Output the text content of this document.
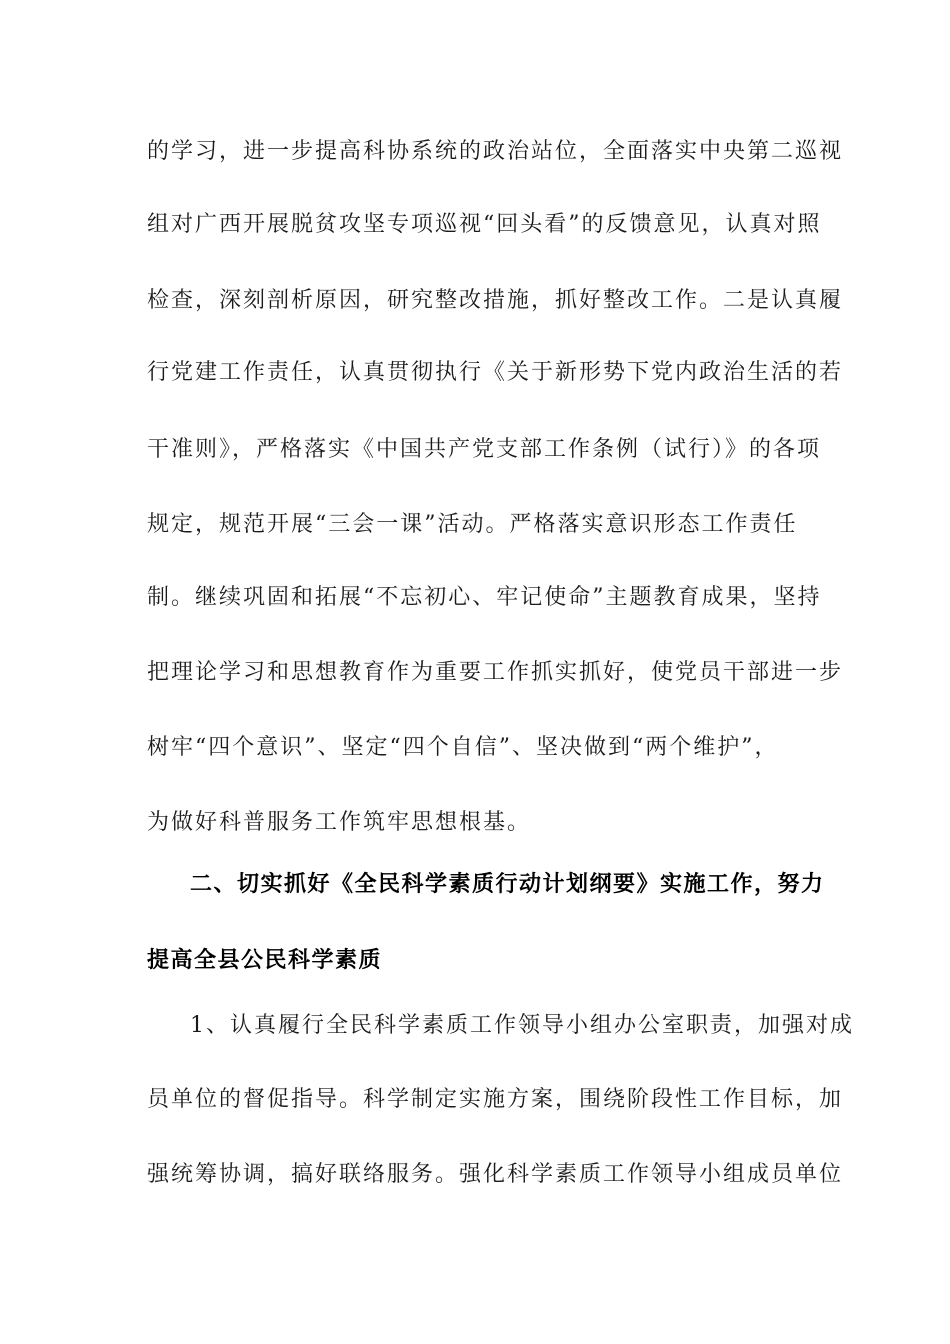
的学习，进一步提高科协系统的政治站位，全面落实中央第二巡视
组对广西开展脱贫攻坚专项巡视“回头看”的反馈意见，认真对照
检查，深刻剖析原因，研究整改措施，抓好整改工作。二是认真履
行党建工作责任，认真贯彻执行《关于新形势下党内政治生活的若
干准则》，严格落实《中国共产党支部工作条例（试行）》的各项
规定，规范开展“三会一课”活动。严格落实意识形态工作责任
制。继续巩固和拓展“不忘初心、牢记使命”主题教育成果，坚持
把理论学习和思想教育作为重要工作抓实抓好，使党员干部进一步
树牢“四个意识”、坚定“四个自信”、坚决做到“两个维护”，
为做好科普服务工作筑牢思想根基。
二、切实抓好《全民科学素质行动计划纲要》实施工作，努力
提高全县公民科学素质
1、认真履行全民科学素质工作领导小组办公室职责，加强对成
员单位的督促指导。科学制定实施方案，围绕阶段性工作目标，加
强统筹协调，搞好联络服务。强化科学素质工作领导小组成员单位
